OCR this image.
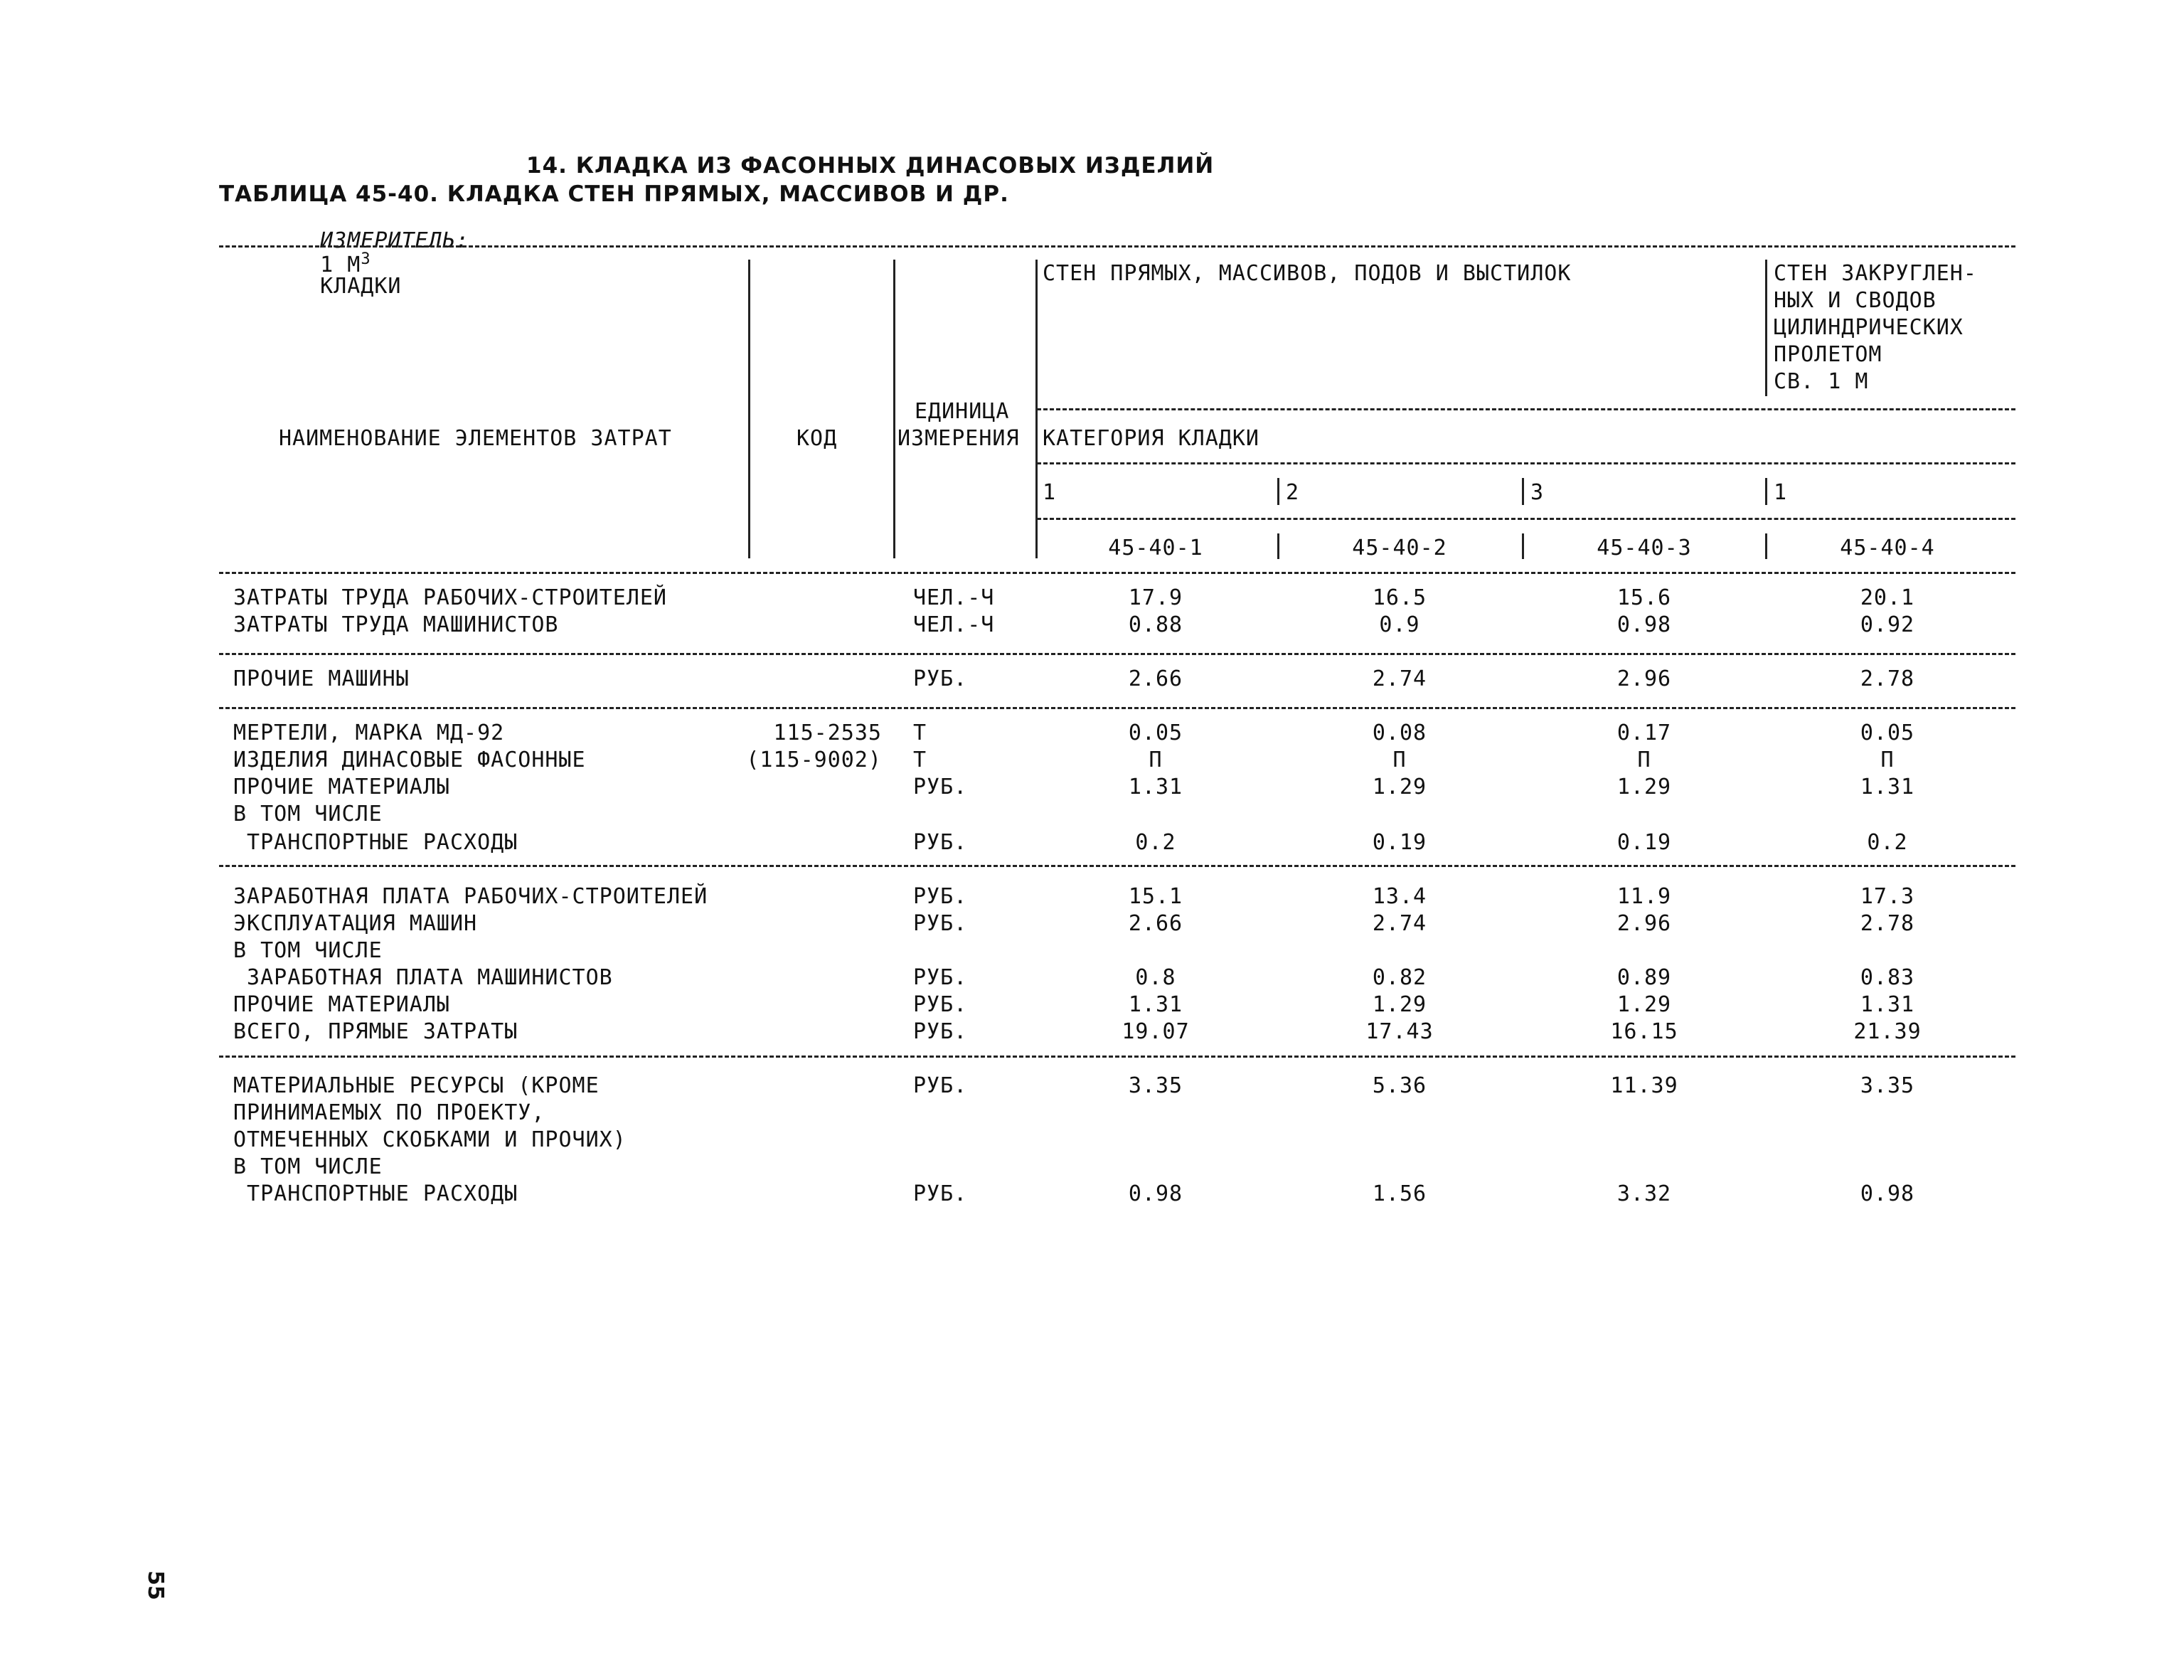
14. КЛАДКА ИЗ ФАСОННЫХ ДИНАСОВЫХ ИЗДЕЛИЙ
ТАБЛИЦА 45-40. КЛАДКА СТЕН ПРЯМЫХ, МАССИВОВ И ДР.

ИЗМЕРИТЕЛЬ:
1 $М^3$
КЛАДКИ

НАИМЕНОВАНИЕ ЭЛЕМЕНТОВ ЗАТРАТ	КОД
ЕДИНИЦА
ИЗМЕРЕНИЯ
СТЕН ПРЯМЫХ, МАССИВОВ, ПОДОВ И ВЫСТИЛОК	СТЕН ЗАКРУГЛЕН-
НЫХ И СВОДОВ
ЦИЛИНДРИЧЕСКИХ
ПРОЛЕТОМ
СВ. 1 М
КАТЕГОРИЯ КЛАДКИ
1	2	3	1
45-40-1	45-40-2	45-40-3	45-40-4
ЗАТРАТЫ ТРУДА РАБОЧИХ-СТРОИТЕЛЕЙ	ЧЕЛ.-Ч	17.9	16.5	15.6	20.1
ЗАТРАТЫ ТРУДА МАШИНИСТОВ	ЧЕЛ.-Ч	0.88	0.9	0.98	0.92
ПРОЧИЕ МАШИНЫ	РУБ.	2.66	2.74	2.96	2.78
МЕРТЕЛИ, МАРКА МД-92	115-2535 Т	0.05	0.08	0.17	0.05
ИЗДЕЛИЯ ДИНАСОВЫЕ ФАСОННЫЕ	(115-9002) Т	П	П	П	П
ПРОЧИЕ МАТЕРИАЛЫ	РУБ.	1.31	1.29	1.29	1.31
В ТОМ ЧИСЛЕ
ТРАНСПОРТНЫЕ РАСХОДЫ	РУБ.	0.2	0.19	0.19	0.2
ЗАРАБОТНАЯ ПЛАТА РАБОЧИХ-СТРОИТЕЛЕЙ	РУБ.	15.1	13.4	11.9	17.3
ЭКСПЛУАТАЦИЯ МАШИН	РУБ.	2.66	2.74	2.96	2.78
В ТОМ ЧИСЛЕ
ЗАРАБОТНАЯ ПЛАТА МАШИНИСТОВ	РУБ.	0.8	0.82	0.89	0.83
ПРОЧИЕ МАТЕРИАЛЫ	РУБ.	1.31	1.29	1.29	1.31
ВСЕГО, ПРЯМЫЕ ЗАТРАТЫ	РУБ.	19.07	17.43	16.15	21.39
МАТЕРИАЛЬНЫЕ РЕСУРСЫ (КРОМЕ	РУБ.	3.35	5.36	11.39	3.35
ПРИНИМАЕМЫХ ПО ПРОЕКТУ,
ОТМЕЧЕННЫХ СКОБКАМИ И ПРОЧИХ)
В ТОМ ЧИСЛЕ
ТРАНСПОРТНЫЕ РАСХОДЫ	РУБ.	0.98	1.56	3.32	0.98
55
